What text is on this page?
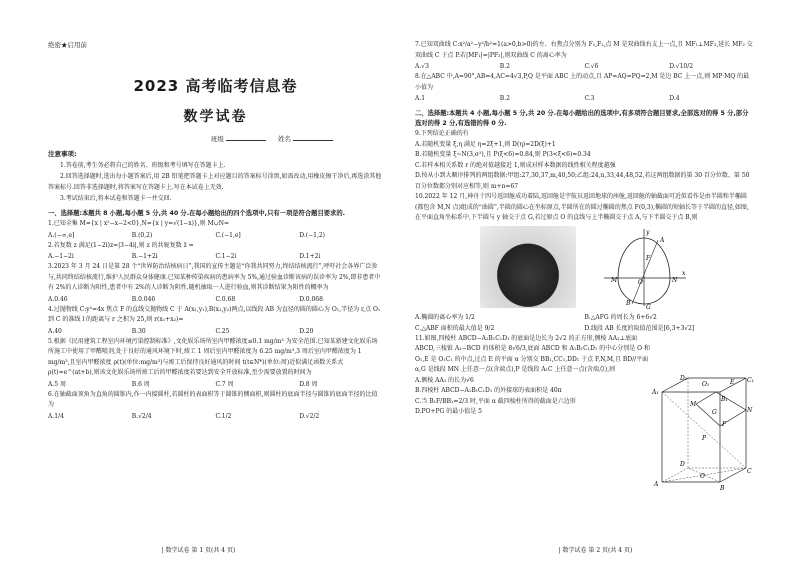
绝密★启用前

2023 高考临考信息卷
数学试卷
班级	姓名
注意事项:

1.答卷前,考生务必将自己的姓名、班级和考号填写在答题卡上.

2.回答选择题时,选出每小题答案后,用 2B 铅笔把答题卡上对应题目的答案标号涂黑,如需改动,用橡皮擦干净后,再选涂其他答案标号.回答非选择题时,将答案写在答题卡上.写在本试卷上无效.

3.考试结束后,将本试卷和答题卡一并交回.

一、选择题:本题共 8 小题,每小题 5 分,共 40 分.在每小题给出的四个选项中,只有一项是符合题目要求的.

1.已知全集 M={x | x²−x−2<0},N={x | y=√(1−x)},则 M∪N=

A.(−∞,e]	B.(0,2)	C.(−1,e]	D.(−1,2)

2.若复数 z 满足(1−2i)z=|3−4i|,则 z 的共轭复数 z̄ =

A.−1−2i	B.−1+2i	C.1−2i	D.1+2i

3.2023 年 3 月 24 日是第 28 个“世界防治结核病日”,我国的宣传主题是“你我共同努力,终结结核流行”,呼吁社会各界广泛参与,共同终结结核流行,维护人民群众身体健康.已知某种传染疾病的患病率为 5%,通过验血诊断该病的误诊率为 2%,即非患者中有 2%的人诊断为阳性,患者中有 2%的人诊断为阴性.随机抽取一人进行验血,则其诊断结果为阳性的概率为

A.0.46	B.0.046	C.0.68	D.0.068

4.过抛物线 C:y²=4x 焦点 F 的直线交抛物线 C 于 A(x₁,y₁),B(x₂,y₂)两点,以线段 AB 为直径的圆的圆心为 O₁,半径为 r,点 O₁ 到 C 的准线 l 的距离与 r 之积为 25,则 r(x₁+x₂)=

A.40	B.30	C.25	D.20

5.根据《民用建筑工程室内环境污染控制标准》,文化娱乐场所室内甲醛浓度≤0.1 mg/m³ 为安全范围.已知某新建文化娱乐场所施工中使用了甲醛喷剂,处于良好的通风环境下时,竣工 1 周后室内甲醛浓度为 6.25 mg/m³,3 周后室内甲醛浓度为 1 mg/m³,且室内甲醛浓度 ρ(t)(单位:mg/m³)与竣工后保持良好通风的时间 t(t∈N*)(单位:周)近似满足函数关系式 ρ(t)=e^(at+b),则该文化娱乐场所竣工后的甲醛浓度若要达到安全开放标准,至少需要放置的时间为

A.5 周	B.6 周	C.7 周	D.8 周

6.在轴截面顶角为直角的圆锥内,作一内接圆柱,若圆柱的表面积等于圆锥的侧面积,则圆柱的底面半径与圆锥的底面半径的比值为

A.1/4	B.√2/4	C.1/2	D.√2/2
| 数学试卷 第 1 页(共 4 页)

7.已知双曲线 C:x²/a²−y²/b²=1(a>0,b>0)的左、右焦点分别为 F₁,F₂,点 M 是双曲线右支上一点,且 MF₁⊥MF₂,延长 MF₂ 交双曲线 C 于点 P.若|MF₁|=|PF₂|,则双曲线 C 的离心率为

A.√3	B.2	C.√6	D.√10/2

8.在△ABC 中,A=90°,AB=4,AC=4√3,P,Q 是平面 ABC 上的动点,且 AP=AQ=PQ=2,M 是边 BC 上一点,则 MP·MQ 的最小值为

A.1	B.2	C.3	D.4

二、选择题:本题共 4 小题,每小题 5 分,共 20 分.在每小题给出的选项中,有多项符合题目要求,全部选对的得 5 分,部分选对的得 2 分,有选错的得 0 分.

9.下列结论正确的有

A.若随机变量 ξ,η 满足 η=2ξ+1,则 D(η)=2D(ξ)+1

B.若随机变量 ξ~N(3,σ²),且 P(ξ<6)=0.84,则 P(3<ξ<6)=0.34

C.若样本相关系数 r 的绝对值越接近 1,则成对样本数据的线性相关程度越强

D.按从小到大顺序排列的两组数据:甲组:27,30,37,m,40,50;乙组:24,n,33,44,48,52,若这两组数据的第 30 百分位数、第 50 百分位数都分别对应相等,则 m+n=67

10.2022 年 12 月,神舟十四号返回舱成功着陆,返回舱是宇航员返回地球的座舱,返回舱的轴截面可近似看作是由半圆和半椭圆(都包含 M,N 点)组成的“曲圆”,半圆的圆心在坐标原点,半圆所在的圆过椭圆的焦点 F(0,3),椭圆的短轴长等于半圆的直径,如图,在平面直角坐标系中,下半圆与 y 轴交于点 G,若过原点 O 的直线与上半椭圆交于点 A,与下半圆交于点 B,则

y
x
O
M	N
F
G
A
B
A.椭圆的离心率为 1/2	B.△AFG 的周长为 6+6√2
C.△ABF 面积的最大值是 9/2	D.线段 AB 长度的取值范围是[6,3+3√2]

11.如图,四棱柱 ABCD−A₁B₁C₁D₁ 的底面是边长为 2√2 的正方形,侧棱 AA₁⊥底面 ABCD,三棱锥 A₁−BCD 的体积是 8√6/3,底面 ABCD 和 A₁B₁C₁D₁ 的中心分别是 O 和 O₁,E 是 O₁C₁ 的中点,过点 E 的平面 α 分别交 BB₁,CC₁,DD₁ 于点 F,N,M,且 BD//平面 α,G 是线段 MN 上任意一点(含端点),P 是线段 A₁C 上任意一点(含端点),则

A.侧棱 AA₁ 的长为√6

B.四棱柱 ABCD−A₁B₁C₁D₁ 的外接球的表面积是 40π

C.当 B₁F/BB₁=2/3 时,平面 α 截四棱柱所得的截面是六边形

D.PO+PG 的最小值是 5

A₁
B₁
C₁
D₁
O₁	E
F
N
M
P
G
A
B
C
D
O
| 数学试卷 第 2 页(共 4 页)
